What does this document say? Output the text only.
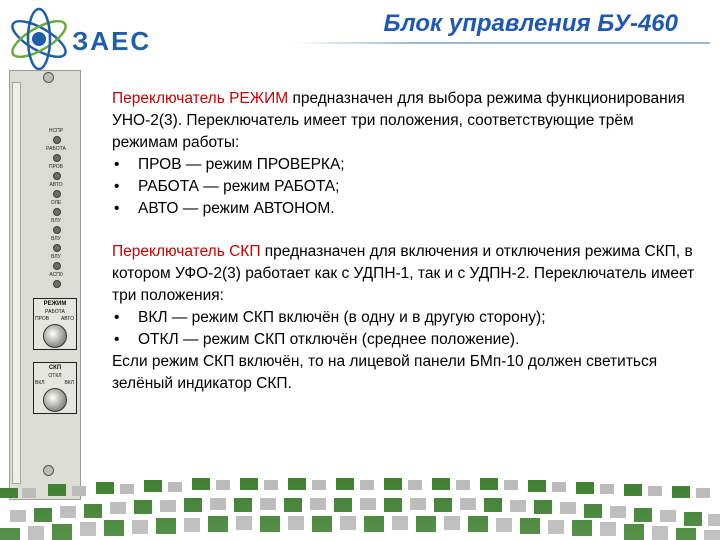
ЗАЕС
Блок управления БУ-460
НСПР
РАБОТА
ПРОВ
АВТО
ОЛЕ
ВЛУ
ВЛУ
ВЛУ
АСП0
РЕЖИМ
РАБОТА
ПРОВ	АВТО
СКП
ОТКЛ
ВКЛ	ВКЛ

Переключатель РЕЖИМ предназначен для выбора режима функционирования УНО-2(3). Переключатель имеет три положения, соответствующие трём режимам работы:

• ПРОВ — режим ПРОВЕРКА;
• РАБОТА — режим РАБОТА;
• АВТО — режим АВТОНОМ.

Переключатель СКП предназначен для включения и отключения режима СКП, в котором УФО-2(3) работает как с УДПН-1, так и с УДПН-2. Переключатель имеет три положения:

• ВКЛ — режим СКП включён (в одну и в другую сторону);
• ОТКЛ — режим СКП отключён (среднее положение).

Если режим СКП включён, то на лицевой панели БМп-10 должен светиться зелёный индикатор СКП.
